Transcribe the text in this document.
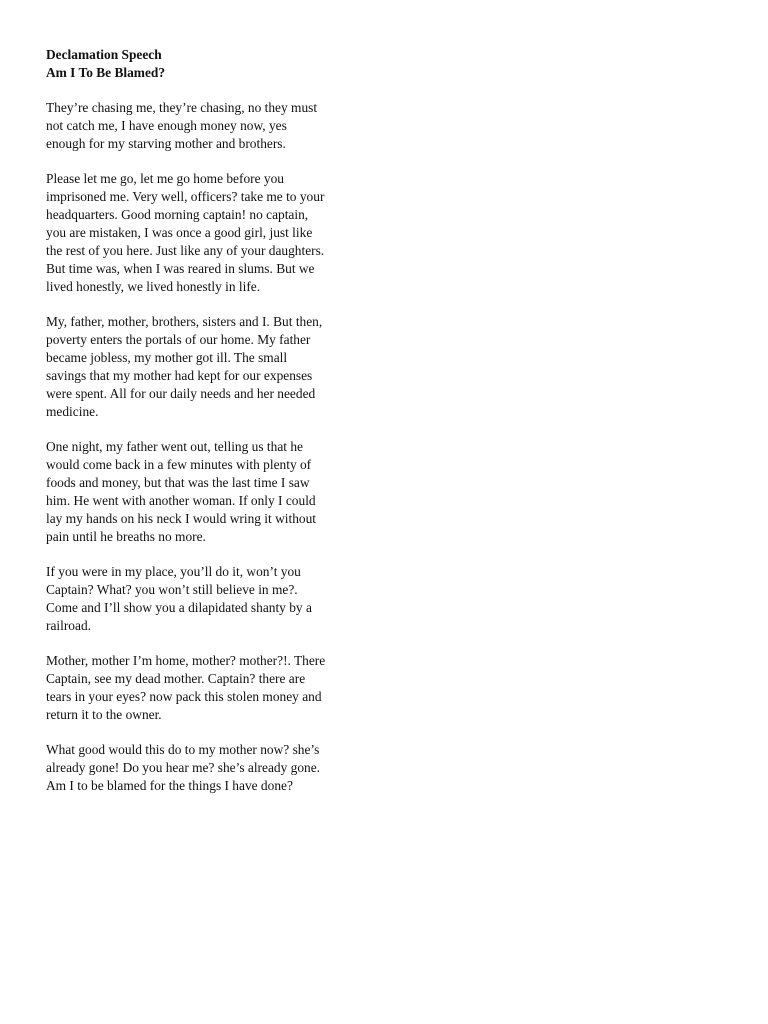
Declamation Speech
Am I To Be Blamed?
They’re chasing me, they’re chasing, no they must
not catch me, I have enough money now, yes
enough for my starving mother and brothers.
Please let me go, let me go home before you
imprisoned me. Very well, officers? take me to your
headquarters. Good morning captain! no captain,
you are mistaken, I was once a good girl, just like
the rest of you here. Just like any of your daughters.
But time was, when I was reared in slums. But we
lived honestly, we lived honestly in life.
My, father, mother, brothers, sisters and I. But then,
poverty enters the portals of our home. My father
became jobless, my mother got ill. The small
savings that my mother had kept for our expenses
were spent. All for our daily needs and her needed
medicine.
One night, my father went out, telling us that he
would come back in a few minutes with plenty of
foods and money, but that was the last time I saw
him. He went with another woman. If only I could
lay my hands on his neck I would wring it without
pain until he breaths no more.
If you were in my place, you’ll do it, won’t you
Captain? What? you won’t still believe in me?.
Come and I’ll show you a dilapidated shanty by a
railroad.
Mother, mother I’m home, mother? mother?!. There
Captain, see my dead mother. Captain? there are
tears in your eyes? now pack this stolen money and
return it to the owner.
What good would this do to my mother now? she’s
already gone! Do you hear me? she’s already gone.
Am I to be blamed for the things I have done?
